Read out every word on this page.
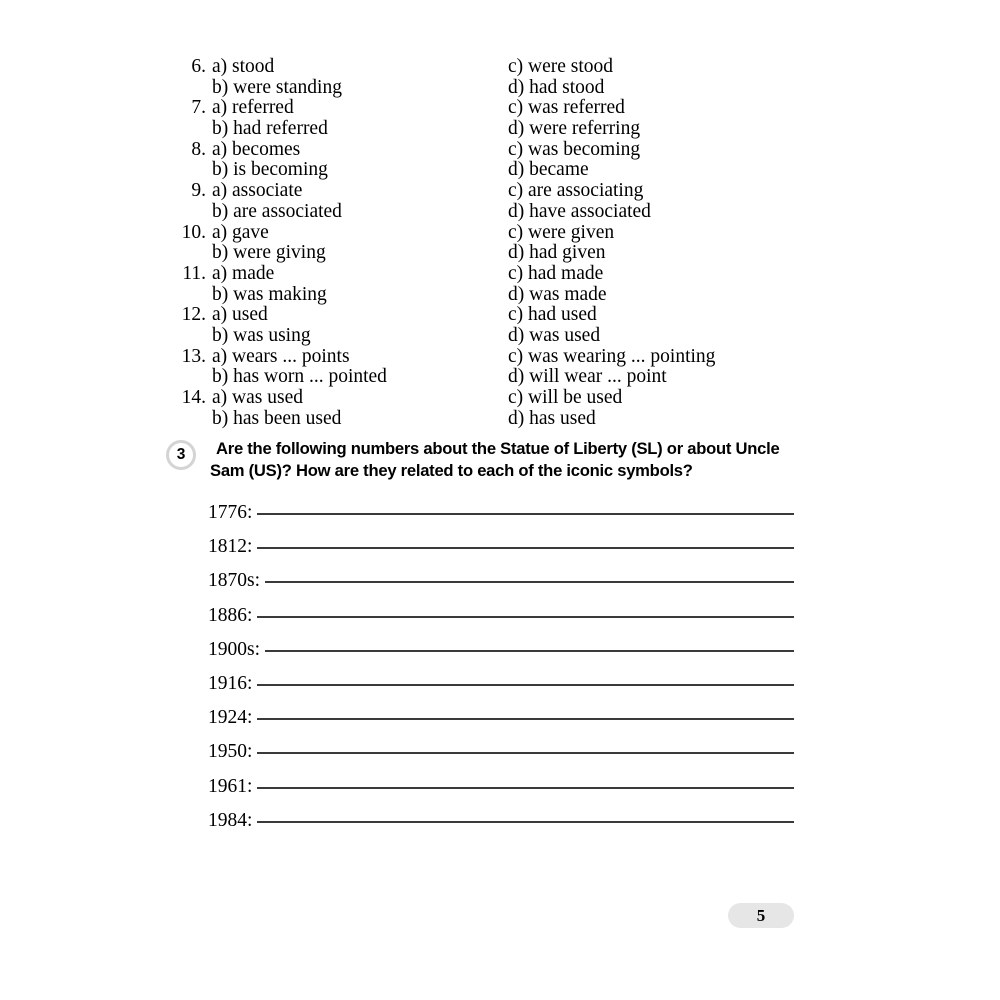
6. a) stood	c) were stood
b) were standing	d) had stood
7. a) referred	c) was referred
b) had referred	d) were referring
8. a) becomes	c) was becoming
b) is becoming	d) became
9. a) associate	c) are associating
b) are associated	d) have associated
10. a) gave	c) were given
b) were giving	d) had given
11. a) made	c) had made
b) was making	d) was made
12. a) used	c) had used
b) was using	d) was used
13. a) wears ... points	c) was wearing ... pointing
b) has worn ... pointed	d) will wear ... point
14. a) was used	c) will be used
b) has been used	d) has used
3	Are the following numbers about the Statue of Liberty (SL) or about Uncle Sam (US)? How are they related to each of the iconic symbols?
1776:
1812:
1870s:
1886:
1900s:
1916:
1924:
1950:
1961:
1984:
5
